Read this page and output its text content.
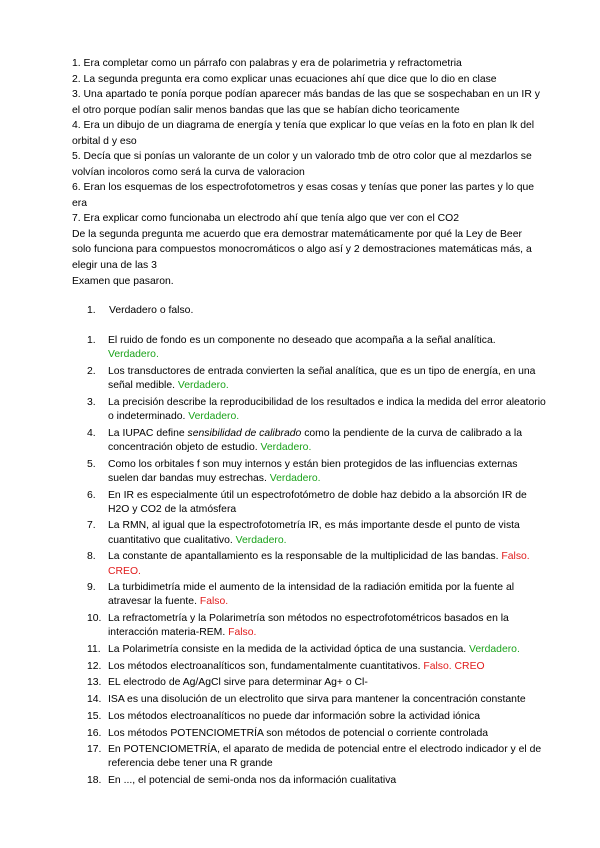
1. Era completar como un párrafo con palabras y era de polarimetria y refractometria

2. La segunda pregunta era como explicar unas ecuaciones ahí que dice que lo dio en clase

3. Una apartado te ponía porque podían aparecer más bandas de las que se sospechaban en un IR y el otro porque podían salir menos bandas que las que se habían dicho teoricamente

4. Era un dibujo de un diagrama de energía y tenía que explicar lo que veías en la foto en plan lk del orbital d y eso

5. Decía que si ponías un valorante de un color y un valorado tmb de otro color que al mezdarlos se volvían incoloros como será la curva de valoracion

6. Eran los esquemas de los espectrofotometros y esas cosas y tenías que poner las partes y lo que era

7. Era explicar como funcionaba un electrodo ahí que tenía algo que ver con el CO2

De la segunda pregunta me acuerdo que era demostrar matemáticamente por qué la Ley de Beer solo funciona para compuestos monocromáticos o algo así y 2 demostraciones matemáticas más, a elegir una de las 3

Examen que pasaron.

1. Verdadero o falso.

1. El ruido de fondo es un componente no deseado que acompaña a la señal analítica. Verdadero.
2. Los transductores de entrada convierten la señal analítica, que es un tipo de energía, en una señal medible. Verdadero.
3. La precisión describe la reproducibilidad de los resultados e indica la medida del error aleatorio o indeterminado. Verdadero.
4. La IUPAC define sensibilidad de calibrado como la pendiente de la curva de calibrado a la concentración objeto de estudio. Verdadero.
5. Como los orbitales f son muy internos y están bien protegidos de las influencias externas suelen dar bandas muy estrechas. Verdadero.
6. En IR es especialmente útil un espectrofotómetro de doble haz debido a la absorción IR de H2O y CO2 de la atmósfera
7. La RMN, al igual que la espectrofotometría IR, es más importante desde el punto de vista cuantitativo que cualitativo. Verdadero.
8. La constante de apantallamiento es la responsable de la multiplicidad de las bandas. Falso. CREO.
9. La turbidimetría mide el aumento de la intensidad de la radiación emitida por la fuente al atravesar la fuente. Falso.
10. La refractometría y la Polarimetría son métodos no espectrofotométricos basados en la interacción materia-REM. Falso.
11. La Polarimetría consiste en la medida de la actividad óptica de una sustancia. Verdadero.
12. Los métodos electroanalíticos son, fundamentalmente cuantitativos. Falso. CREO
13. EL electrodo de Ag/AgCl sirve para determinar Ag+ o Cl-
14. ISA es una disolución de un electrolito que sirva para mantener la concentración constante
15. Los métodos electroanalíticos no puede dar información sobre la actividad iónica
16. Los métodos POTENCIOMETRÍA son métodos de potencial o corriente controlada
17. En POTENCIOMETRÍA, el aparato de medida de potencial entre el electrodo indicador y el de referencia debe tener una R grande
18. En ..., el potencial de semi-onda nos da información cualitativa
